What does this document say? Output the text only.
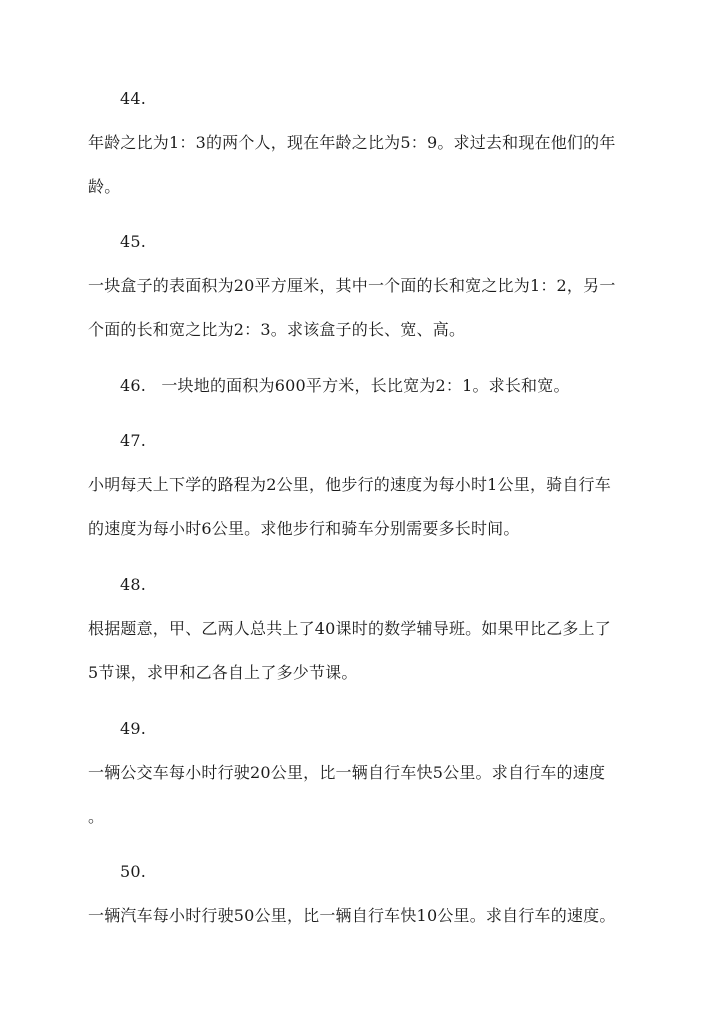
44.
年龄之比为1：3的两个人，现在年龄之比为5：9。求过去和现在他们的年
龄。
45.
一块盒子的表面积为20平方厘米，其中一个面的长和宽之比为1：2，另一
个面的长和宽之比为2：3。求该盒子的长、宽、高。
46. 一块地的面积为600平方米，长比宽为2：1。求长和宽。
47.
小明每天上下学的路程为2公里，他步行的速度为每小时1公里，骑自行车
的速度为每小时6公里。求他步行和骑车分别需要多长时间。
48.
根据题意，甲、乙两人总共上了40课时的数学辅导班。如果甲比乙多上了
5节课，求甲和乙各自上了多少节课。
49.
一辆公交车每小时行驶20公里，比一辆自行车快5公里。求自行车的速度
。
50.
一辆汽车每小时行驶50公里，比一辆自行车快10公里。求自行车的速度。
